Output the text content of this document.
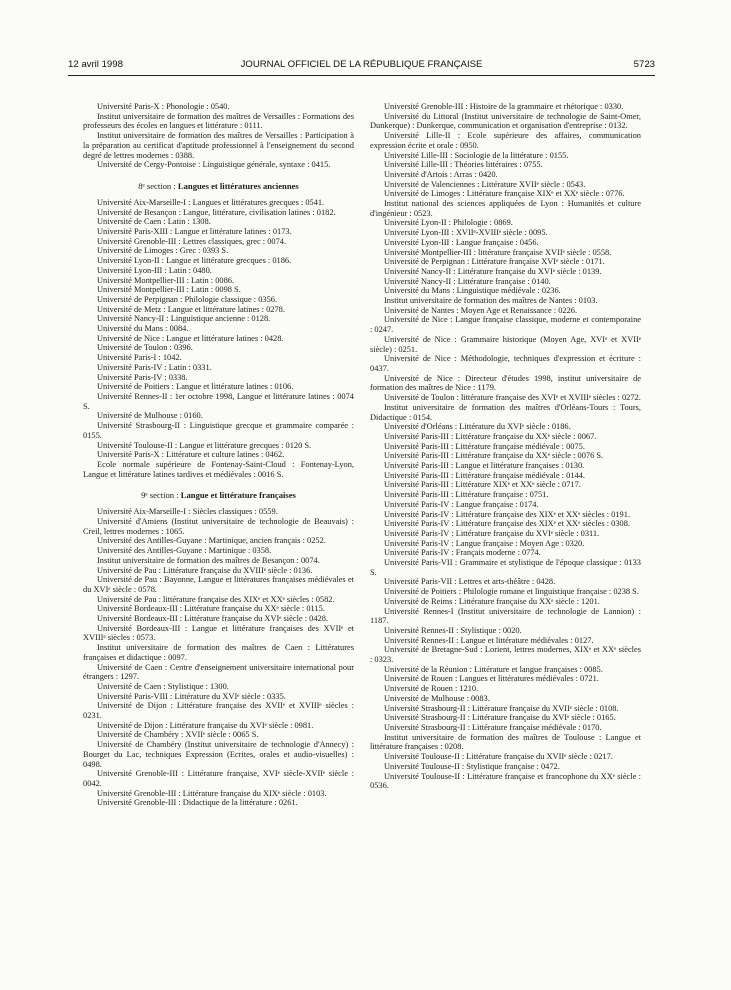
12 avril 1998	JOURNAL OFFICIEL DE LA RÉPUBLIQUE FRANÇAISE	5723

Université Paris-X : Phonologie : 0540.

Institut universitaire de formation des maîtres de Versailles : Formations des professeurs des écoles en langues et littérature : 0111.

Institut universitaire de formation des maîtres de Versailles : Participation à la préparation au certificat d'aptitude professionnel à l'enseignement du second degré de lettres modernes : 0388.

Université de Cergy-Pontoise : Linguistique générale, syntaxe : 0415.

8ᵉ section : Langues et littératures anciennes

Université Aix-Marseille-I : Langues et littératures grecques : 0541.

Université de Besançon : Langue, littérature, civilisation latines : 0182.

Université de Caen : Latin : 1308.

Université Paris-XIII : Langue et littérature latines : 0173.

Université Grenoble-III : Lettres classiques, grec : 0074.

Université de Limoges : Grec : 0393 S.

Université Lyon-II : Langue et littérature grecques : 0186.

Université Lyon-III : Latin : 0480.

Université Montpellier-III : Latin : 0086.

Université Montpellier-III : Latin : 0098 S.

Université de Perpignan : Philologie classique : 0356.

Université de Metz : Langue et littérature latines : 0278.

Université Nancy-II : Linguistique ancienne : 0128.

Université du Mans : 0084.

Université de Nice : Langue et littérature latines : 0428.

Université de Toulon : 0396.

Université Paris-I : 1042.

Université Paris-IV : Latin : 0331.

Université Paris-IV : 0338.

Université de Poitiers : Langue et littérature latines : 0106.

Université Rennes-II : 1er octobre 1998, Langue et littérature latines : 0074 S.

Université de Mulhouse : 0160.

Université Strasbourg-II : Linguistique grecque et grammaire comparée : 0155.

Université Toulouse-II : Langue et littérature grecques : 0120 S.

Université Paris-X : Littérature et culture latines : 0462.

Ecole normale supérieure de Fontenay-Saint-Cloud : Fontenay-Lyon, Langue et littérature latines tardives et médiévales : 0016 S.

9ᵉ section : Langue et littérature françaises

Université Aix-Marseille-I : Siècles classiques : 0559.

Université d'Amiens (Institut universitaire de technologie de Beauvais) : Creil, lettres modernes : 1065.

Université des Antilles-Guyane : Martinique, ancien français : 0252.

Université des Antilles-Guyane : Martinique : 0358.

Institut universitaire de formation des maîtres de Besançon : 0074.

Université de Pau : Littérature française du XVIIIᵉ siècle : 0136.

Université de Pau : Bayonne, Langue et littératures françaises médiévales et du XVIᵉ siècle : 0578.

Université de Pau : littérature française des XIXᵉ et XXᵉ siècles : 0582.

Université Bordeaux-III : Littérature française du XXᵉ siècle : 0115.

Université Bordeaux-III : Littérature française du XVIᵉ siècle : 0428.

Université Bordeaux-III : Langue et littérature françaises des XVIIᵉ et XVIIIᵉ siècles : 0573.

Institut universitaire de formation des maîtres de Caen : Littératures françaises et didactique : 0097.

Université de Caen : Centre d'enseignement universitaire international pour étrangers : 1297.

Université de Caen : Stylistique : 1300.

Université Paris-VIII : Littérature du XVIᵉ siècle : 0335.

Université de Dijon : Littérature française des XVIIᵉ et XVIIIᵉ siècles : 0231.

Université de Dijon : Littérature française du XVIᵉ siècle : 0981.

Université de Chambéry : XVIIᵉ siècle : 0065 S.

Université de Chambéry (Institut universitaire de technologie d'Annecy) : Bourget du Lac, techniques Expression (Ecrites, orales et audio-visuelles) : 0498.

Université Grenoble-III : Littérature française, XVIᵉ siècle-XVIIᵉ siècle : 0042.

Université Grenoble-III : Littérature française du XIXᵉ siècle : 0103.

Université Grenoble-III : Didactique de la littérature : 0261.

Université Grenoble-III : Histoire de la grammaire et rhétorique : 0330.

Université du Littoral (Institut universitaire de technologie de Saint-Omer, Dunkerque) : Dunkerque, communication et organisation d'entreprise : 0132.

Université Lille-II : Ecole supérieure des affaires, communication expression écrite et orale : 0950.

Université Lille-III : Sociologie de la littérature : 0155.

Université Lille-III : Théories littéraires : 0755.

Université d'Artois : Arras : 0420.

Université de Valenciennes : Littérature XVIIᵉ siècle : 0543.

Université de Limoges : Littérature française XIXᵉ et XXᵉ siècle : 0776.

Institut national des sciences appliquées de Lyon : Humanités et culture d'ingénieur : 0523.

Université Lyon-II : Philologie : 0869.

Université Lyon-III : XVIIᵉ-XVIIIᵉ siècle : 0095.

Université Lyon-III : Langue française : 0456.

Université Montpellier-III : littérature française XVIIᵉ siècle : 0558.

Université de Perpignan : Littérature française XVIᵉ siècle : 0171.

Université Nancy-II : Littérature française du XVIᵉ siècle : 0139.

Université Nancy-II : Littérature française : 0140.

Université du Mans : Linguistique médiévale : 0236.

Institut universitaire de formation des maîtres de Nantes : 0103.

Université de Nantes : Moyen Age et Renaissance : 0226.

Université de Nice : Langue française classique, moderne et contemporaine : 0247.

Université de Nice : Grammaire historique (Moyen Age, XVIᵉ et XVIIᵉ siècle) : 0251.

Université de Nice : Méthodologie, techniques d'expression et écriture : 0437.

Université de Nice : Directeur d'études 1998, institut universitaire de formation des maîtres de Nice : 1179.

Université de Toulon : littérature française des XVIᵉ et XVIIIᵉ siècles : 0272.

Institut universitaire de formation des maîtres d'Orléans-Tours : Tours, Didactique : 0154.

Université d'Orléans : Littérature du XVIᵉ siècle : 0186.

Université Paris-III : Littérature française du XXᵉ siècle : 0067.

Université Paris-III : Littérature française médiévale : 0075.

Université Paris-III : Littérature française du XXᵉ siècle : 0076 S.

Université Paris-III : Langue et littérature françaises : 0130.

Université Paris-III : Littérature française médiévale : 0144.

Université Paris-III : Littérature XIXᵉ et XXᵉ siècle : 0717.

Université Paris-III : Littérature française : 0751.

Université Paris-IV : Langue française : 0174.

Université Paris-IV : Littérature française des XIXᵉ et XXᵉ siècles : 0191.

Université Paris-IV : Littérature française des XIXᵉ et XXᵉ siècles : 0308.

Université Paris-IV : Littérature française du XVIᵉ siècle : 0311.

Université Paris-IV : Langue française : Moyen Age : 0320.

Université Paris-IV : Français moderne : 0774.

Université Paris-VII : Grammaire et stylistique de l'époque classique : 0133 S.

Université Paris-VII : Lettres et arts-théâtre : 0428.

Université de Poitiers : Philologie romane et linguistique française : 0238 S.

Université de Reims : Littérature française du XXᵉ siècle : 1201.

Université Rennes-I (Institut universitaire de technologie de Lannion) : 1187.

Université Rennes-II : Stylistique : 0020.

Université Rennes-II : Langue et littérature médiévales : 0127.

Université de Bretagne-Sud : Lorient, lettres modernes, XIXᵉ et XXᵉ siècles : 0323.

Université de la Réunion : Littérature et langue françaises : 0085.

Université de Rouen : Langues et littératures médiévales : 0721.

Université de Rouen : 1210.

Université de Mulhouse : 0083.

Université Strasbourg-II : Littérature française du XVIIᵉ siècle : 0108.

Université Strasbourg-II : Littérature française du XVIᵉ siècle : 0165.

Université Strasbourg-II : Littérature française médiévale : 0170.

Institut universitaire de formation des maîtres de Toulouse : Langue et littérature françaises : 0208.

Université Toulouse-II : Littérature française du XVIIᵉ siècle : 0217.

Université Toulouse-II : Stylistique française : 0472.

Université Toulouse-II : Littérature française et francophone du XXᵉ siècle : 0536.
